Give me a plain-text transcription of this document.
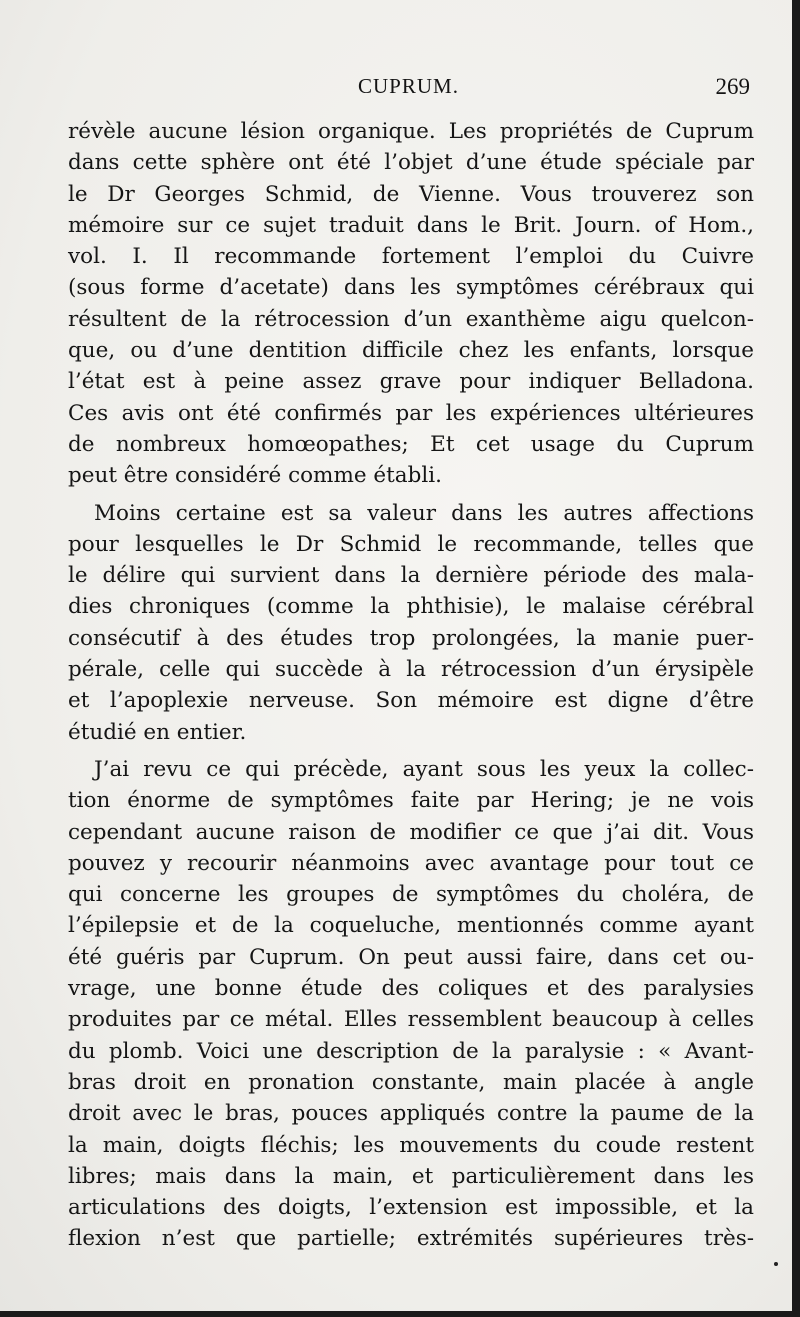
CUPRUM.	269
révèle aucune lésion organique. Les propriétés de Cuprum
dans cette sphère ont été l’objet d’une étude spéciale par
le Dr Georges Schmid, de Vienne. Vous trouverez son
mémoire sur ce sujet traduit dans le Brit. Journ. of Hom.,
vol. I. Il recommande fortement l’emploi du Cuivre
(sous forme d’acetate) dans les symptômes cérébraux qui
résultent de la rétrocession d’un exanthème aigu quelcon-
que, ou d’une dentition difficile chez les enfants, lorsque
l’état est à peine assez grave pour indiquer Belladona.
Ces avis ont été confirmés par les expériences ultérieures
de nombreux homœopathes; Et cet usage du Cuprum
peut être considéré comme établi.
Moins certaine est sa valeur dans les autres affections
pour lesquelles le Dr Schmid le recommande, telles que
le délire qui survient dans la dernière période des mala-
dies chroniques (comme la phthisie), le malaise cérébral
consécutif à des études trop prolongées, la manie puer-
pérale, celle qui succède à la rétrocession d’un érysipèle
et l’apoplexie nerveuse. Son mémoire est digne d’être
étudié en entier.
J’ai revu ce qui précède, ayant sous les yeux la collec-
tion énorme de symptômes faite par Hering; je ne vois
cependant aucune raison de modifier ce que j’ai dit. Vous
pouvez y recourir néanmoins avec avantage pour tout ce
qui concerne les groupes de symptômes du choléra, de
l’épilepsie et de la coqueluche, mentionnés comme ayant
été guéris par Cuprum. On peut aussi faire, dans cet ou-
vrage, une bonne étude des coliques et des paralysies
produites par ce métal. Elles ressemblent beaucoup à celles
du plomb. Voici une description de la paralysie : « Avant-
bras droit en pronation constante, main placée à angle
droit avec le bras, pouces appliqués contre la paume de la
la main, doigts fléchis; les mouvements du coude restent
libres; mais dans la main, et particulièrement dans les
articulations des doigts, l’extension est impossible, et la
flexion n’est que partielle; extrémités supérieures très-
